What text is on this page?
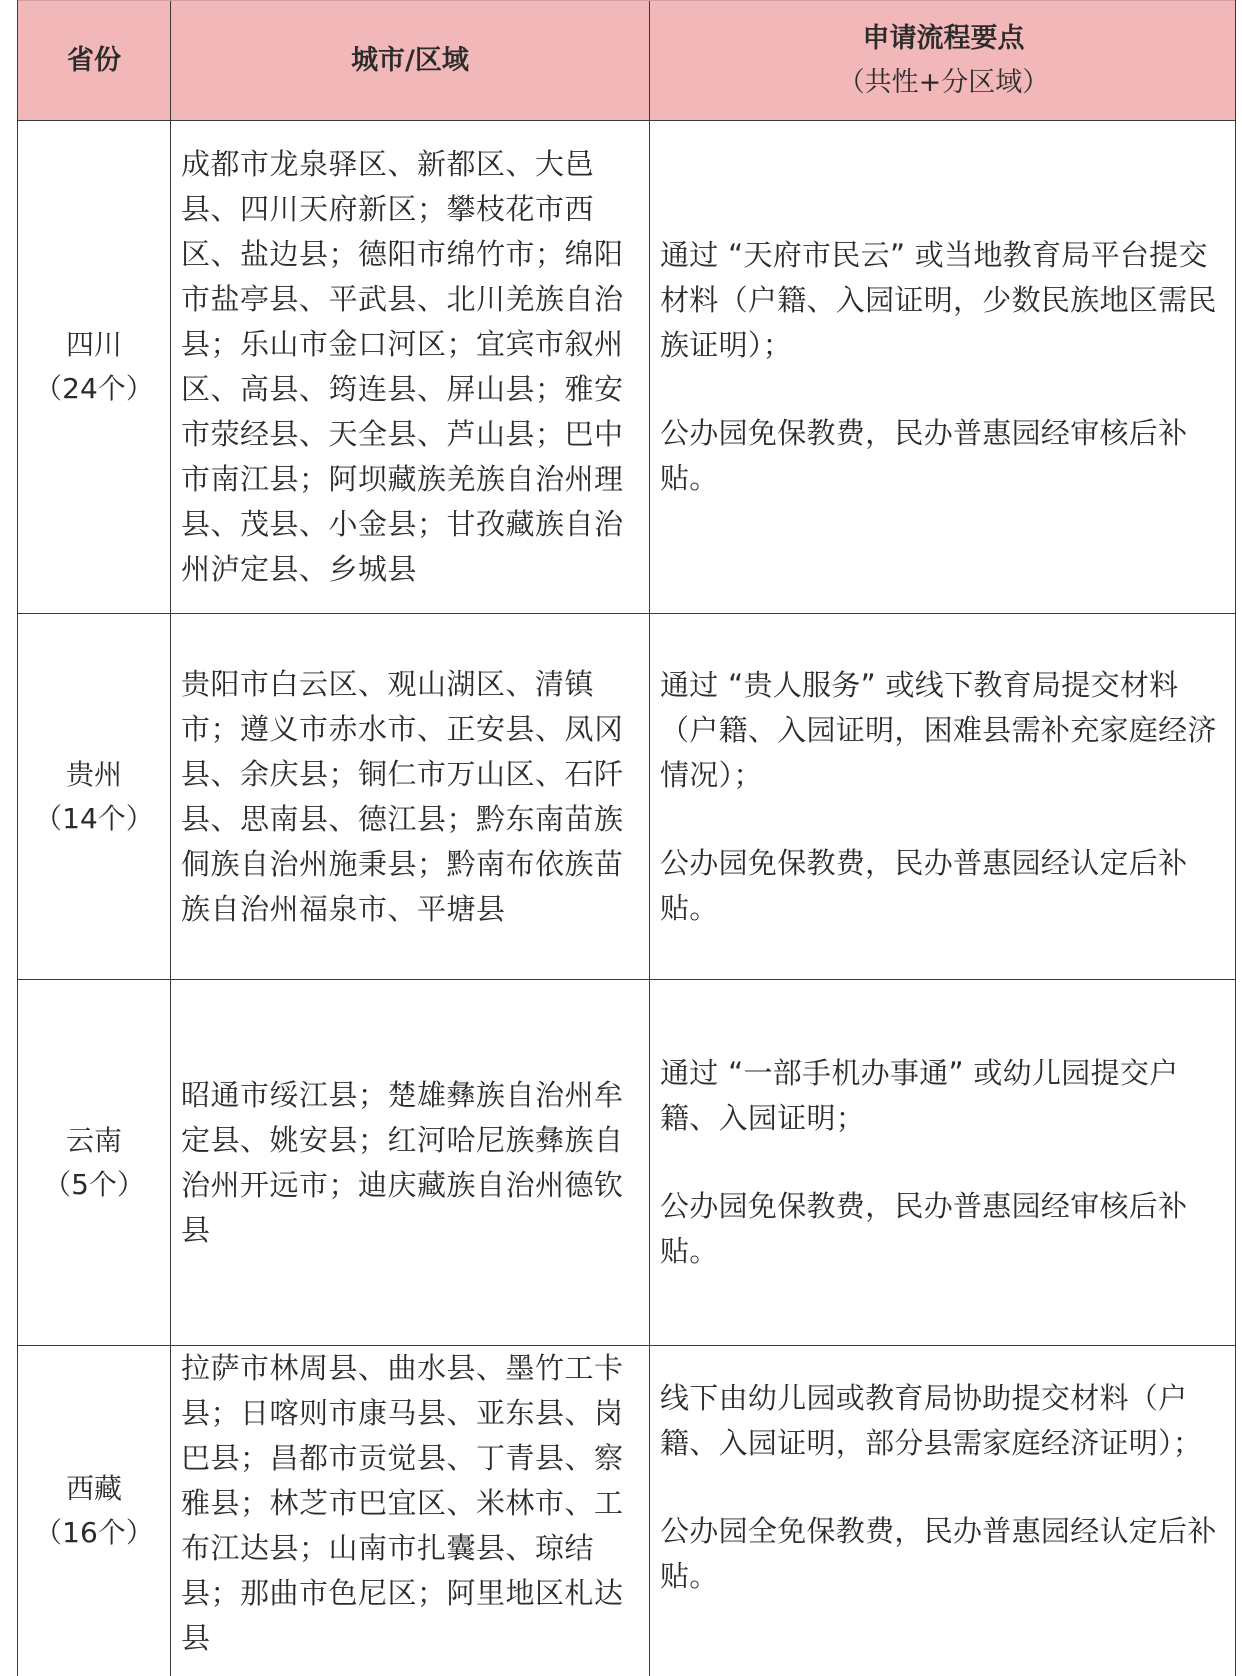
省份	城市/区域
申请流程要点
（共性+分区域）
四川
（24个）
成都市龙泉驿区、新都区、大邑县、四川天府新区；攀枝花市西区、盐边县；德阳市绵竹市；绵阳市盐亭县、平武县、北川羌族自治县；乐山市金口河区；宜宾市叙州区、高县、筠连县、屏山县；雅安市荥经县、天全县、芦山县；巴中市南江县；阿坝藏族羌族自治州理县、茂县、小金县；甘孜藏族自治州泸定县、乡城县

通过 “天府市民云” 或当地教育局平台提交材料（户籍、入园证明，少数民族地区需民族证明）；

公办园免保教费，民办普惠园经审核后补贴。

贵州
（14个）
贵阳市白云区、观山湖区、清镇市；遵义市赤水市、正安县、凤冈县、余庆县；铜仁市万山区、石阡县、思南县、德江县；黔东南苗族侗族自治州施秉县；黔南布依族苗族自治州福泉市、平塘县

通过 “贵人服务” 或线下教育局提交材料（户籍、入园证明，困难县需补充家庭经济情况）；

公办园免保教费，民办普惠园经认定后补贴。

云南
（5个）
昭通市绥江县；楚雄彝族自治州牟定县、姚安县；红河哈尼族彝族自治州开远市；迪庆藏族自治州德钦县

通过 “一部手机办事通” 或幼儿园提交户籍、入园证明；

公办园免保教费，民办普惠园经审核后补贴。

西藏
（16个）
拉萨市林周县、曲水县、墨竹工卡县；日喀则市康马县、亚东县、岗巴县；昌都市贡觉县、丁青县、察雅县；林芝市巴宜区、米林市、工布江达县；山南市扎囊县、琼结县；那曲市色尼区；阿里地区札达县

线下由幼儿园或教育局协助提交材料（户籍、入园证明，部分县需家庭经济证明）；

公办园全免保教费，民办普惠园经认定后补贴。
